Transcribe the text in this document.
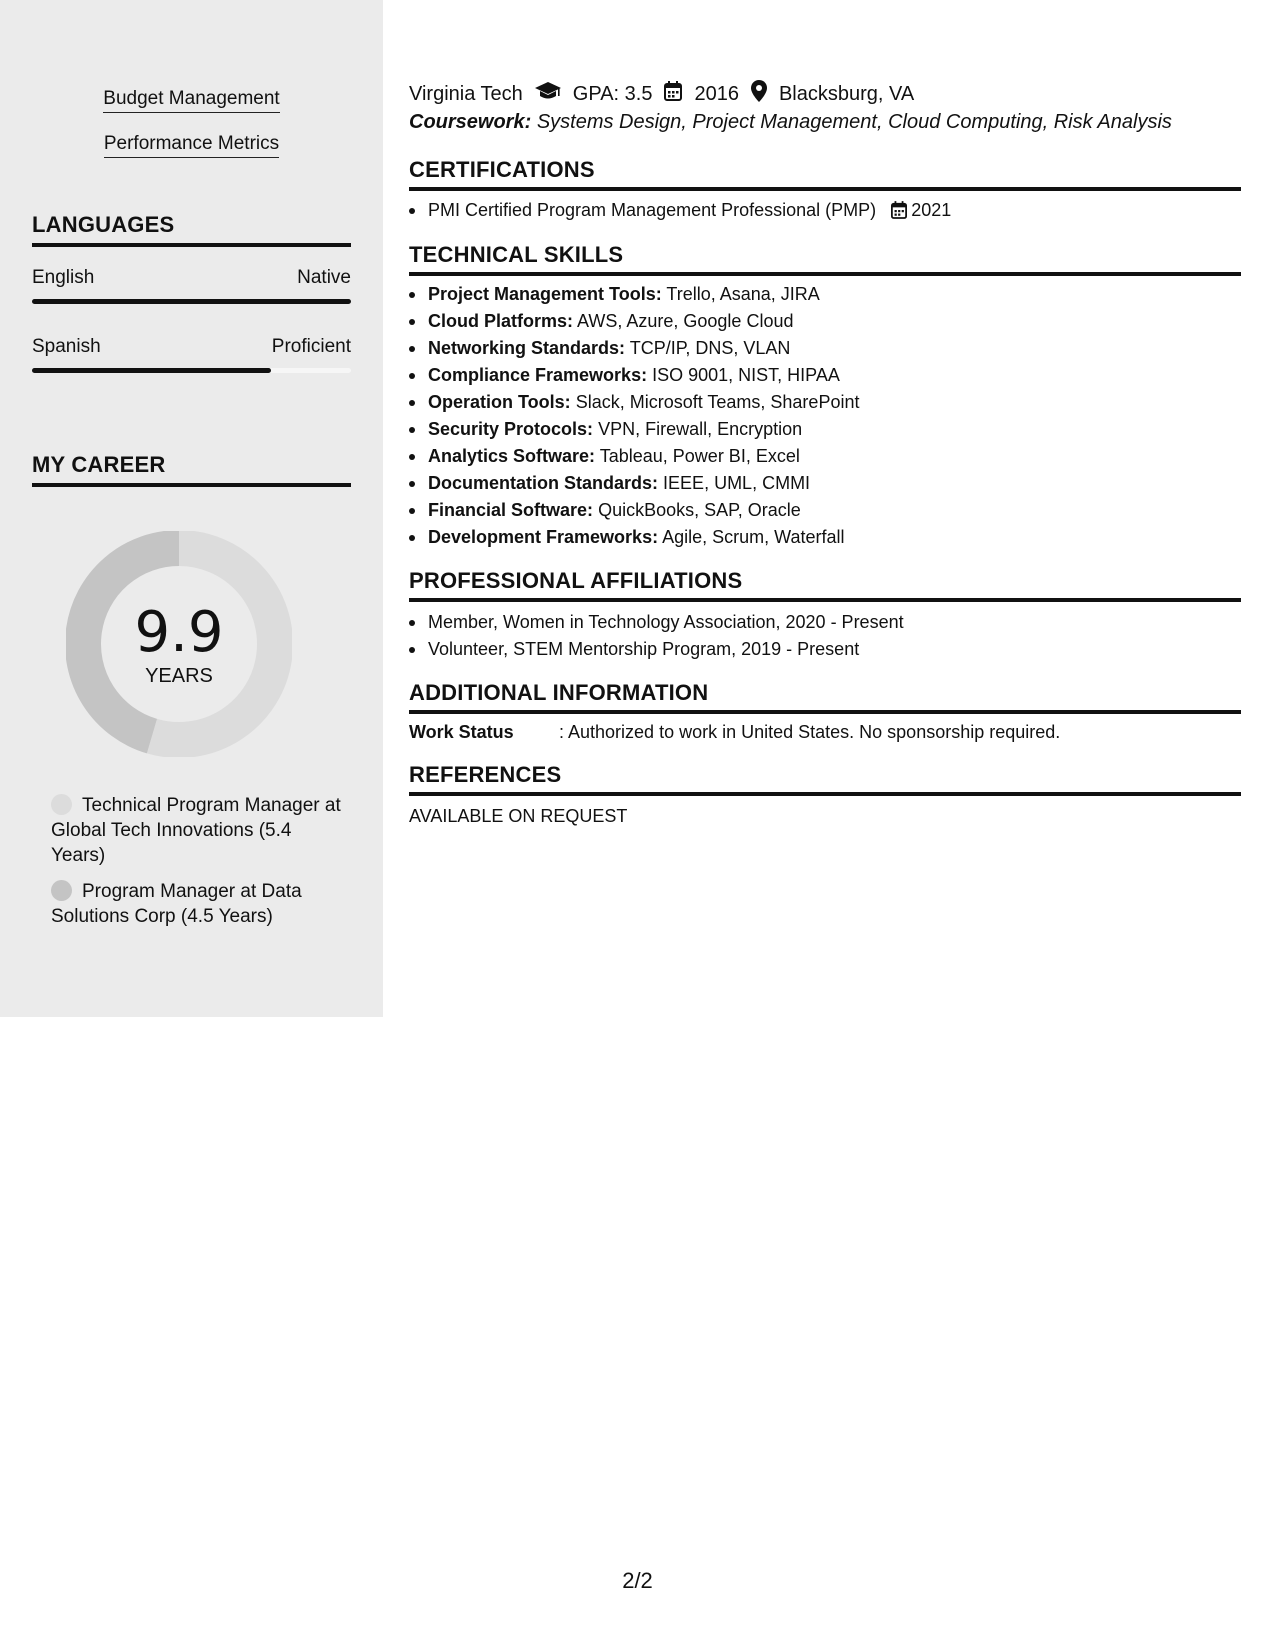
Budget Management
Performance Metrics
LANGUAGES
English	Native
Spanish	Proficient
MY CAREER
9.9
YEARS
Technical Program Manager at Global Tech Innovations (5.4 Years)
Program Manager at Data Solutions Corp (4.5 Years)
Virginia Tech	GPA: 3.5 2016 Blacksburg, VA
Coursework: Systems Design, Project Management, Cloud Computing, Risk Analysis
CERTIFICATIONS
PMI Certified Program Management Professional (PMP) 2021
TECHNICAL SKILLS
Project Management Tools: Trello, Asana, JIRA
Cloud Platforms: AWS, Azure, Google Cloud
Networking Standards: TCP/IP, DNS, VLAN
Compliance Frameworks: ISO 9001, NIST, HIPAA
Operation Tools: Slack, Microsoft Teams, SharePoint
Security Protocols: VPN, Firewall, Encryption
Analytics Software: Tableau, Power BI, Excel
Documentation Standards: IEEE, UML, CMMI
Financial Software: QuickBooks, SAP, Oracle
Development Frameworks: Agile, Scrum, Waterfall
PROFESSIONAL AFFILIATIONS
Member, Women in Technology Association, 2020 - Present
Volunteer, STEM Mentorship Program, 2019 - Present
ADDITIONAL INFORMATION
Work Status	: Authorized to work in United States. No sponsorship required.
REFERENCES
AVAILABLE ON REQUEST
2/2
